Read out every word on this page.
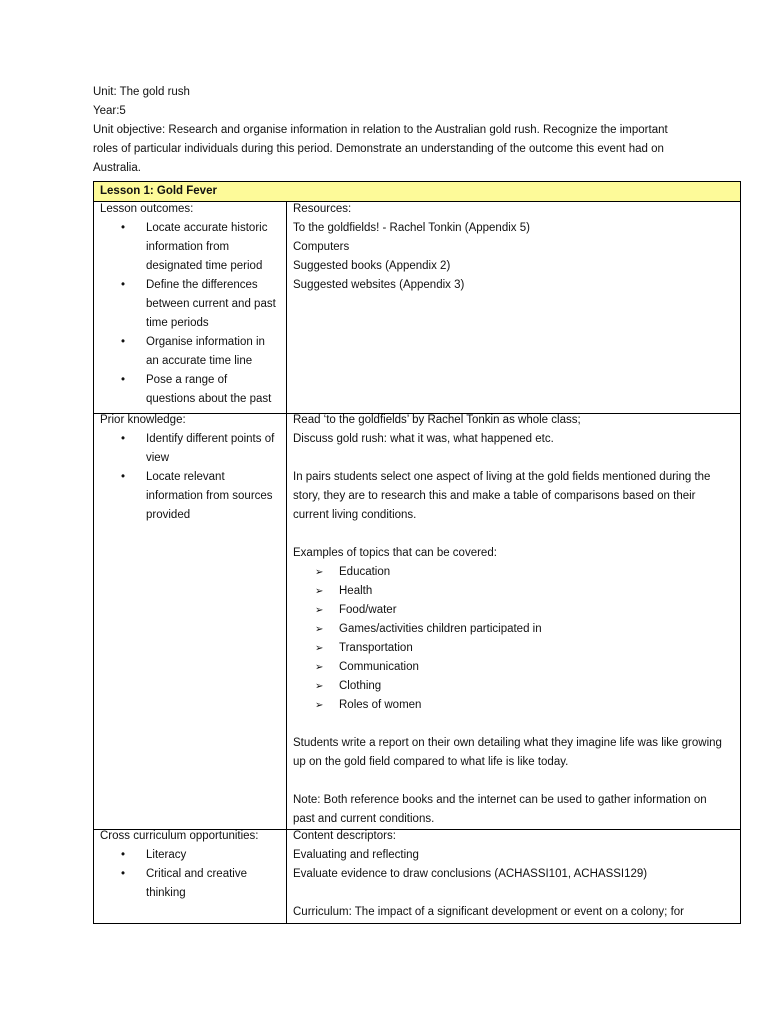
Unit: The gold rush
Year:5
Unit objective: Research and organise information in relation to the Australian gold rush. Recognize the important
roles of particular individuals during this period. Demonstrate an understanding of the outcome this event had on
Australia.
Lesson 1: Gold Fever
Lesson outcomes:
• Locate accurate historic
information from
designated time period
• Define the differences
between current and past
time periods
• Organise information in
an accurate time line
• Pose a range of
questions about the past
Resources:
To the goldfields! - Rachel Tonkin (Appendix 5)
Computers
Suggested books (Appendix 2)
Suggested websites (Appendix 3)
Prior knowledge:
• Identify different points of
view
• Locate relevant
information from sources
provided
Read ‘to the goldfields’ by Rachel Tonkin as whole class;
Discuss gold rush: what it was, what happened etc.
In pairs students select one aspect of living at the gold fields mentioned during the
story, they are to research this and make a table of comparisons based on their
current living conditions.
Examples of topics that can be covered:
➢ Education
➢ Health
➢ Food/water
➢ Games/activities children participated in
➢ Transportation
➢ Communication
➢ Clothing
➢ Roles of women
Students write a report on their own detailing what they imagine life was like growing
up on the gold field compared to what life is like today.
Note: Both reference books and the internet can be used to gather information on
past and current conditions.
Cross curriculum opportunities:
• Literacy
• Critical and creative
thinking
Content descriptors:
Evaluating and reflecting
Evaluate evidence to draw conclusions (ACHASSI101, ACHASSI129)
Curriculum: The impact of a significant development or event on a colony; for
